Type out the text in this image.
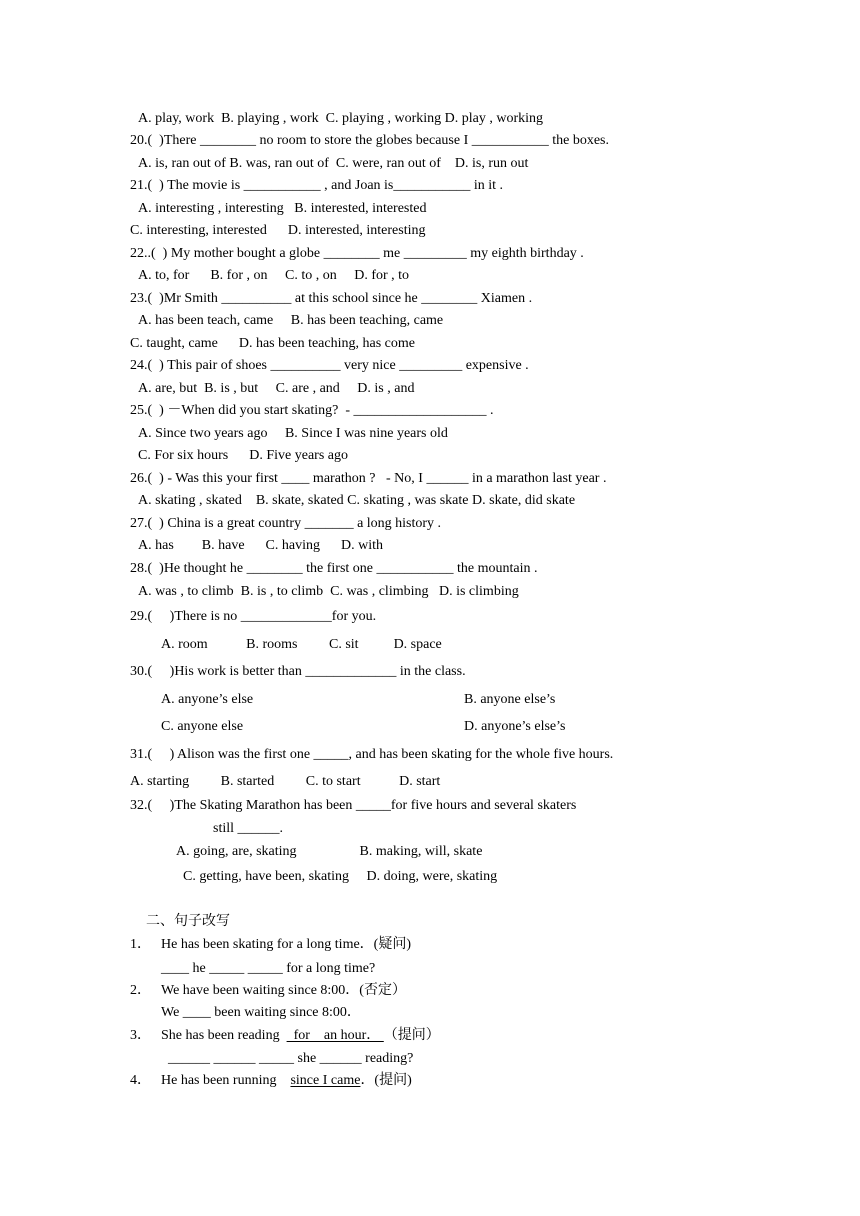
A. play, work  B. playing , work  C. playing , working D. play , working

20.(  )There ________ no room to store the globes because I ___________ the boxes.

A. is, ran out of B. was, ran out of  C. were, ran out of    D. is, run out

21.(  ) The movie is ___________ , and Joan is___________ in it .

A. interesting , interesting   B. interested, interested

C. interesting, interested      D. interested, interesting

22..(  ) My mother bought a globe ________ me _________ my eighth birthday .

A. to, for      B. for , on     C. to , on     D. for , to

23.(  )Mr Smith __________ at this school since he ________ Xiamen .

A. has been teach, came     B. has been teaching, came

C. taught, came      D. has been teaching, has come

24.(  ) This pair of shoes __________ very nice _________ expensive .

A. are, but  B. is , but     C. are , and     D. is , and

25.(  ) －When did you start skating?  - ___________________ .

A. Since two years ago     B. Since I was nine years old

C. For six hours      D. Five years ago

26.(  ) - Was this your first ____ marathon ?   - No, I ______ in a marathon last year .

A. skating , skated    B. skate, skated C. skating , was skate D. skate, did skate

27.(  ) China is a great country _______ a long history .

A. has        B. have      C. having      D. with

28.(  )He thought he ________ the first one ___________ the mountain .

A. was , to climb  B. is , to climb  C. was , climbing   D. is climbing

29.(     )There is no _____________for you.

A. room           B. rooms         C. sit          D. space

30.(     )His work is better than _____________ in the class.

A. anyone’s else	B. anyone else’s

C. anyone else	D. anyone’s else’s

31.(     ) Alison was the first one _____, and has been skating for the whole five hours.

A. starting         B. started         C. to start           D. start

32.(     )The Skating Marathon has been _____for five hours and several skaters

still ______.

A. going, are, skating                  B. making, will, skate

C. getting, have been, skating     D. doing, were, skating

二、句子改写

1． He has been skating for a long time．(疑问)

____ he _____ _____ for a long time?

2． We have been waiting since 8:00．(否定）

We ____ been waiting since 8:00．

3． She has been reading    for    an hour． （提问）

______ ______ _____ she ______ reading?

4． He has been running    since I came．(提问)
